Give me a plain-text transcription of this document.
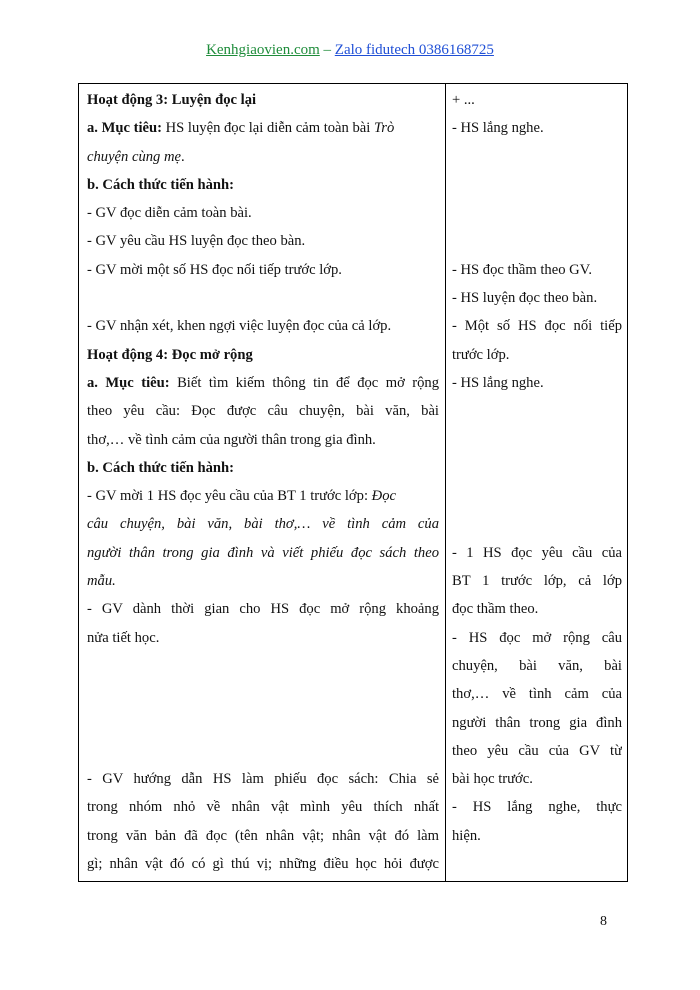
Kenhgiaovien.com – Zalo fidutech 0386168725
Hoạt động 3: Luyện đọc lại
a. Mục tiêu: HS luyện đọc lại diễn cảm toàn bài Trò
chuyện cùng mẹ.
b. Cách thức tiến hành:
- GV đọc diễn cảm toàn bài.
- GV yêu cầu HS luyện đọc theo bàn.
- GV mời một số HS đọc nối tiếp trước lớp.
- GV nhận xét, khen ngợi việc luyện đọc của cả lớp.
Hoạt động 4: Đọc mở rộng
a. Mục tiêu: Biết tìm kiếm thông tin để đọc mở rộng
theo yêu cầu: Đọc được câu chuyện, bài văn, bài
thơ,… về tình cảm của người thân trong gia đình.
b. Cách thức tiến hành:
- GV mời 1 HS đọc yêu cầu của BT 1 trước lớp: Đọc
câu chuyện, bài văn, bài thơ,… về tình cảm của
người thân trong gia đình và viết phiếu đọc sách theo
mẫu.
- GV dành thời gian cho HS đọc mở rộng khoảng
nửa tiết học.
- GV hướng dẫn HS làm phiếu đọc sách: Chia sẻ
trong nhóm nhỏ về nhân vật mình yêu thích nhất
trong văn bản đã đọc (tên nhân vật; nhân vật đó làm
gì; nhân vật đó có gì thú vị; những điều học hỏi được
+ ...
- HS lắng nghe.
- HS đọc thầm theo GV.
- HS luyện đọc theo bàn.
- Một số HS đọc nối tiếp
trước lớp.
- HS lắng nghe.
- 1 HS đọc yêu cầu của
BT 1 trước lớp, cả lớp
đọc thầm theo.
- HS đọc mở rộng câu
chuyện, bài văn, bài
thơ,… về tình cảm của
người thân trong gia đình
theo yêu cầu của GV từ
bài học trước.
- HS lắng nghe, thực
hiện.
8
